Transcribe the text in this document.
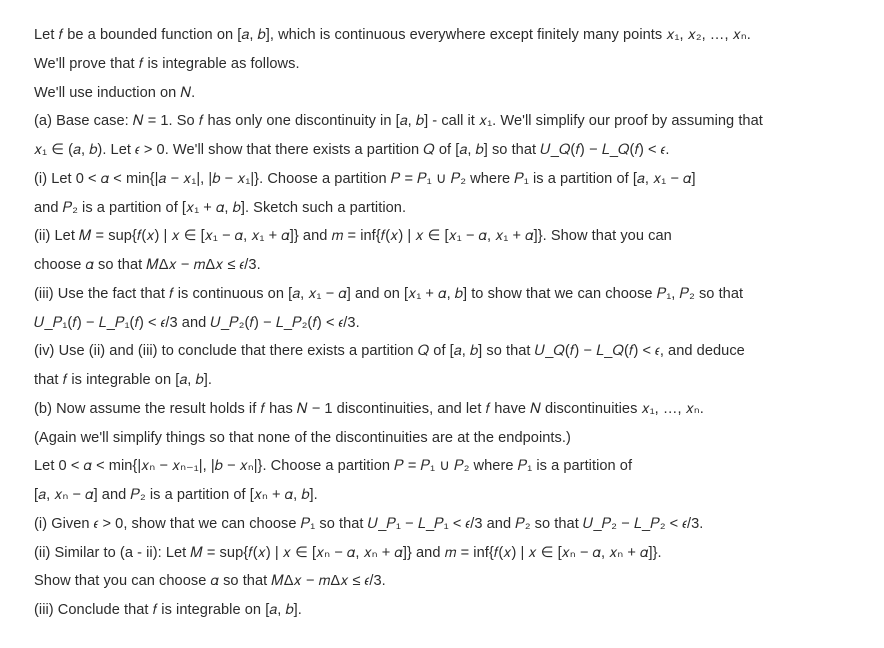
Let 𝑓 be a bounded function on [𝑎, 𝑏], which is continuous everywhere except finitely many points 𝑥₁, 𝑥₂, …, 𝑥ₙ.
We'll prove that 𝑓 is integrable as follows.
We'll use induction on 𝑁.
(a) Base case: 𝑁 = 1. So 𝑓 has only one discontinuity in [𝑎, 𝑏] - call it 𝑥₁. We'll simplify our proof by assuming that
𝑥₁ ∈ (𝑎, 𝑏). Let 𝜖 > 0. We'll show that there exists a partition 𝑄 of [𝑎, 𝑏] so that 𝑈_𝑄(𝑓) − 𝐿_𝑄(𝑓) < 𝜖.
(i) Let 0 < 𝛼 < min{|𝑎 − 𝑥₁|, |𝑏 − 𝑥₁|}. Choose a partition 𝑃 = 𝑃₁ ∪ 𝑃₂ where 𝑃₁ is a partition of [𝑎, 𝑥₁ − 𝛼]
and 𝑃₂ is a partition of [𝑥₁ + 𝛼, 𝑏]. Sketch such a partition.
(ii) Let 𝑀 = sup{𝑓(𝑥) | 𝑥 ∈ [𝑥₁ − 𝛼, 𝑥₁ + 𝛼]} and 𝑚 = inf{𝑓(𝑥) | 𝑥 ∈ [𝑥₁ − 𝛼, 𝑥₁ + 𝛼]}. Show that you can
choose 𝛼 so that 𝑀Δ𝑥 − 𝑚Δ𝑥 ≤ 𝜖/3.
(iii) Use the fact that 𝑓 is continuous on [𝑎, 𝑥₁ − 𝛼] and on [𝑥₁ + 𝛼, 𝑏] to show that we can choose 𝑃₁, 𝑃₂ so that
𝑈_𝑃₁(𝑓) − 𝐿_𝑃₁(𝑓) < 𝜖/3 and 𝑈_𝑃₂(𝑓) − 𝐿_𝑃₂(𝑓) < 𝜖/3.
(iv) Use (ii) and (iii) to conclude that there exists a partition 𝑄 of [𝑎, 𝑏] so that 𝑈_𝑄(𝑓) − 𝐿_𝑄(𝑓) < 𝜖, and deduce
that 𝑓 is integrable on [𝑎, 𝑏].
(b) Now assume the result holds if 𝑓 has 𝑁 − 1 discontinuities, and let 𝑓 have 𝑁 discontinuities 𝑥₁, …, 𝑥ₙ.
(Again we'll simplify things so that none of the discontinuities are at the endpoints.)
Let 0 < 𝛼 < min{|𝑥ₙ − 𝑥ₙ₋₁|, |𝑏 − 𝑥ₙ|}. Choose a partition 𝑃 = 𝑃₁ ∪ 𝑃₂ where 𝑃₁ is a partition of
[𝑎, 𝑥ₙ − 𝛼] and 𝑃₂ is a partition of [𝑥ₙ + 𝛼, 𝑏].
(i) Given 𝜖 > 0, show that we can choose 𝑃₁ so that 𝑈_𝑃₁ − 𝐿_𝑃₁ < 𝜖/3 and 𝑃₂ so that 𝑈_𝑃₂ − 𝐿_𝑃₂ < 𝜖/3.
(ii) Similar to (a - ii): Let 𝑀 = sup{𝑓(𝑥) | 𝑥 ∈ [𝑥ₙ − 𝛼, 𝑥ₙ + 𝛼]} and 𝑚 = inf{𝑓(𝑥) | 𝑥 ∈ [𝑥ₙ − 𝛼, 𝑥ₙ + 𝛼]}.
Show that you can choose 𝛼 so that 𝑀Δ𝑥 − 𝑚Δ𝑥 ≤ 𝜖/3.
(iii) Conclude that 𝑓 is integrable on [𝑎, 𝑏].
